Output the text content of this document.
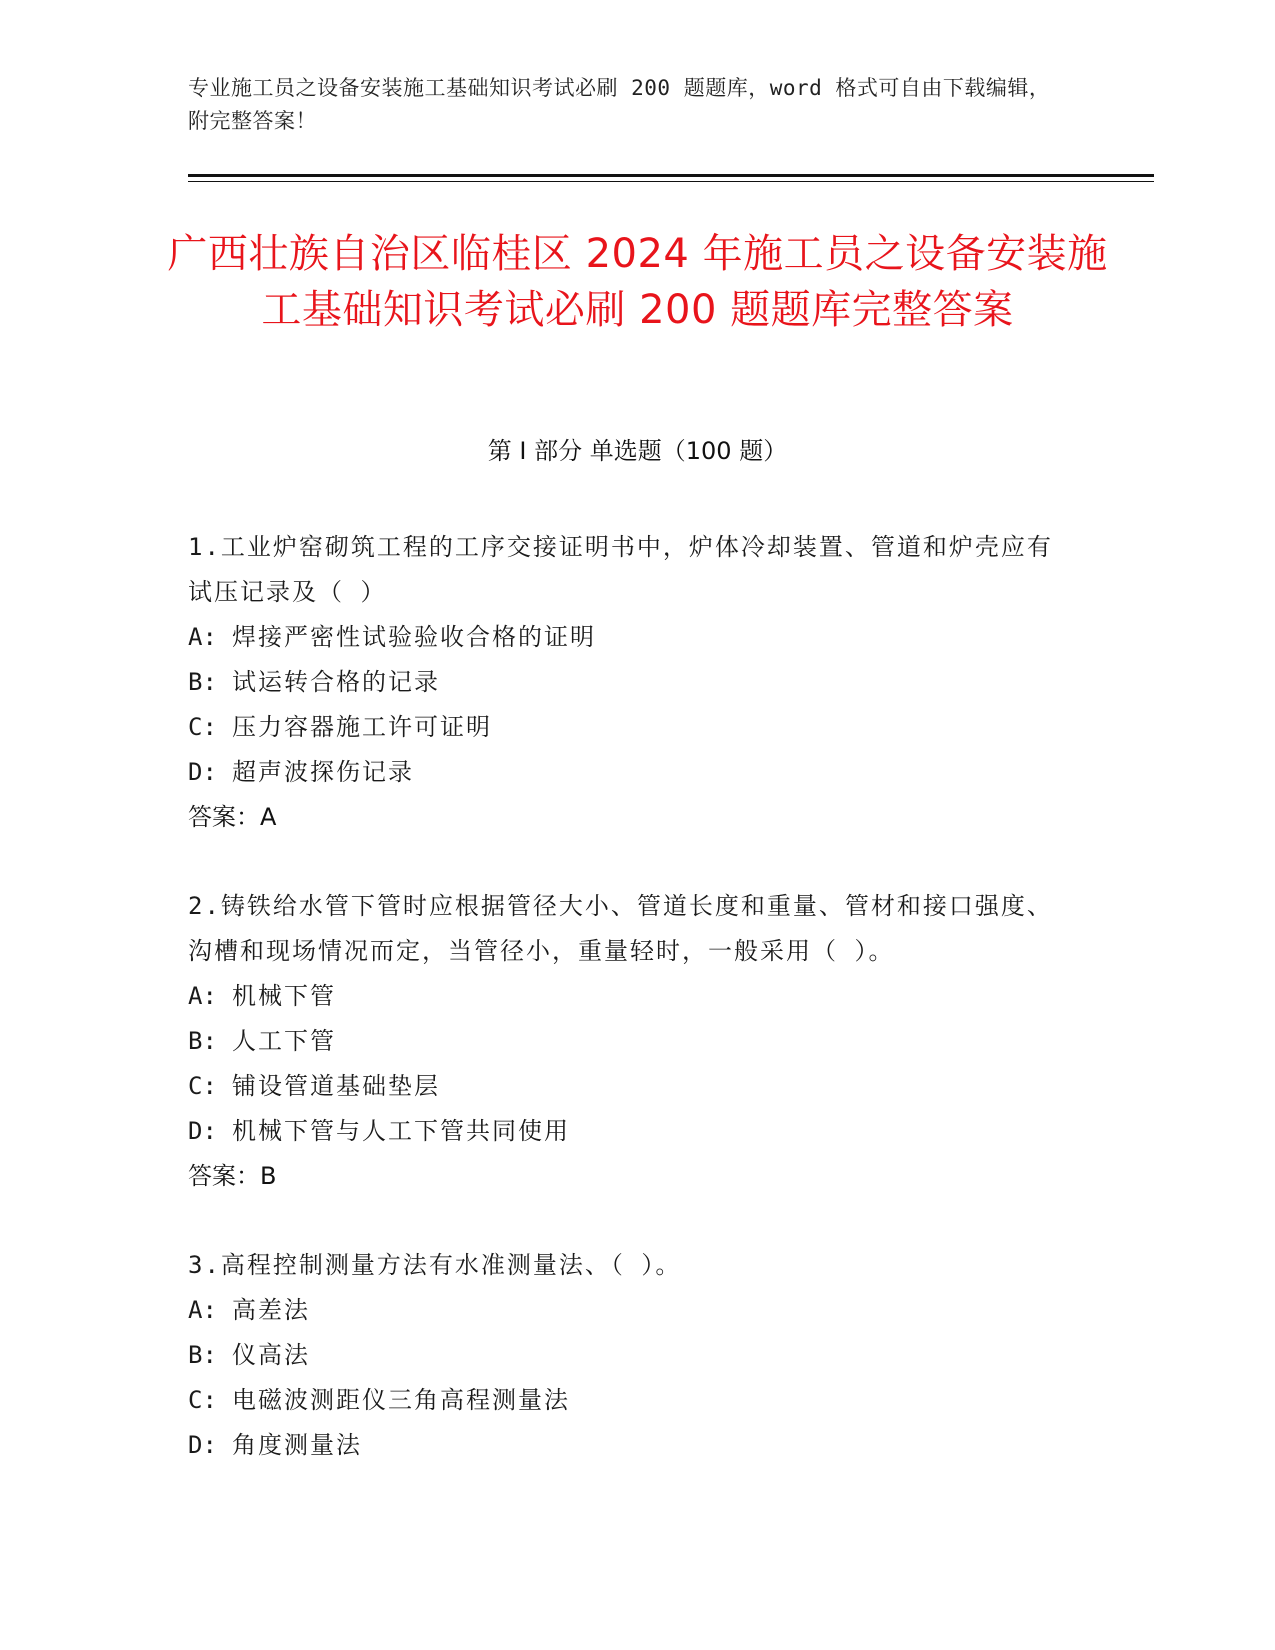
专业施工员之设备安装施工基础知识考试必刷 200 题题库，word 格式可自由下载编辑，附完整答案！
广西壮族自治区临桂区 2024 年施工员之设备安装施工基础知识考试必刷 200 题题库完整答案
第 I 部分 单选题（100 题）
1.工业炉窑砌筑工程的工序交接证明书中，炉体冷却装置、管道和炉壳应有试压记录及（ ）
A: 焊接严密性试验验收合格的证明
B: 试运转合格的记录
C: 压力容器施工许可证明
D: 超声波探伤记录
答案：A
2.铸铁给水管下管时应根据管径大小、管道长度和重量、管材和接口强度、沟槽和现场情况而定，当管径小，重量轻时，一般采用（ ）。
A: 机械下管
B: 人工下管
C: 铺设管道基础垫层
D: 机械下管与人工下管共同使用
答案：B
3.高程控制测量方法有水准测量法、（ ）。
A: 高差法
B: 仪高法
C: 电磁波测距仪三角高程测量法
D: 角度测量法
